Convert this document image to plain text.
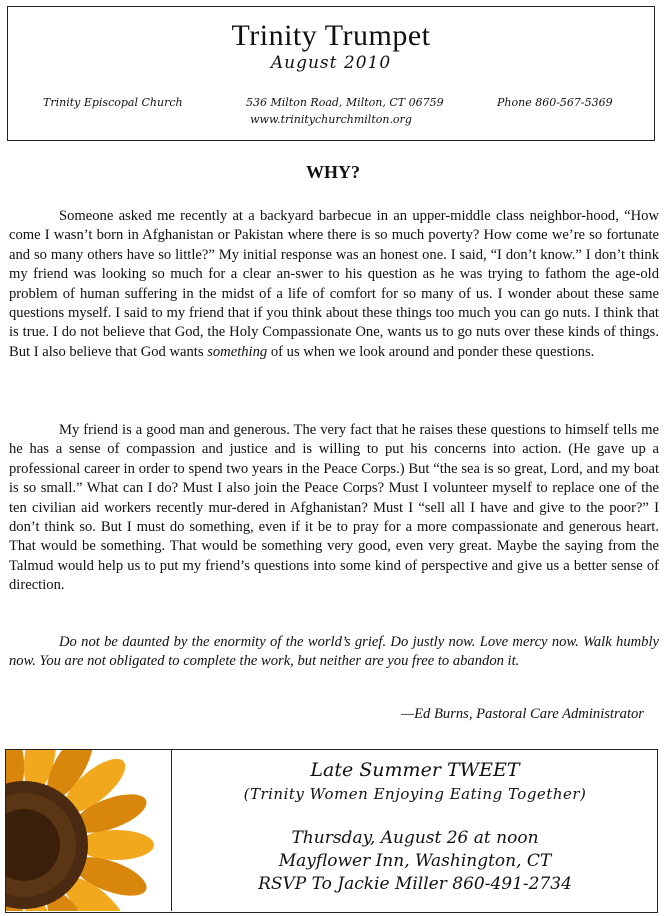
Trinity Trumpet
August 2010
Trinity Episcopal Church	536 Milton Road, Milton, CT 06759	Phone 860-567-5369
www.trinitychurchmilton.org
WHY?
Someone asked me recently at a backyard barbecue in an upper-middle class neighbor-hood, “How come I wasn’t born in Afghanistan or Pakistan where there is so much poverty? How come we’re so fortunate and so many others have so little?” My initial response was an honest one. I said, “I don’t know.” I don’t think my friend was looking so much for a clear an-swer to his question as he was trying to fathom the age-old problem of human suffering in the midst of a life of comfort for so many of us. I wonder about these same questions myself. I said to my friend that if you think about these things too much you can go nuts. I think that is true. I do not believe that God, the Holy Compassionate One, wants us to go nuts over these kinds of things. But I also believe that God wants something of us when we look around and ponder these questions.
My friend is a good man and generous. The very fact that he raises these questions to himself tells me he has a sense of compassion and justice and is willing to put his concerns into action. (He gave up a professional career in order to spend two years in the Peace Corps.) But “the sea is so great, Lord, and my boat is so small.” What can I do? Must I also join the Peace Corps? Must I volunteer myself to replace one of the ten civilian aid workers recently mur-dered in Afghanistan? Must I “sell all I have and give to the poor?” I don’t think so. But I must do something, even if it be to pray for a more compassionate and generous heart. That would be something. That would be something very good, even very great. Maybe the saying from the Talmud would help us to put my friend’s questions into some kind of perspective and give us a better sense of direction.
Do not be daunted by the enormity of the world’s grief. Do justly now. Love mercy now. Walk humbly now. You are not obligated to complete the work, but neither are you free to abandon it.
—Ed Burns, Pastoral Care Administrator
Late Summer TWEET
(Trinity Women Enjoying Eating Together)
Thursday, August 26 at noon
Mayflower Inn, Washington, CT
RSVP To Jackie Miller 860-491-2734
